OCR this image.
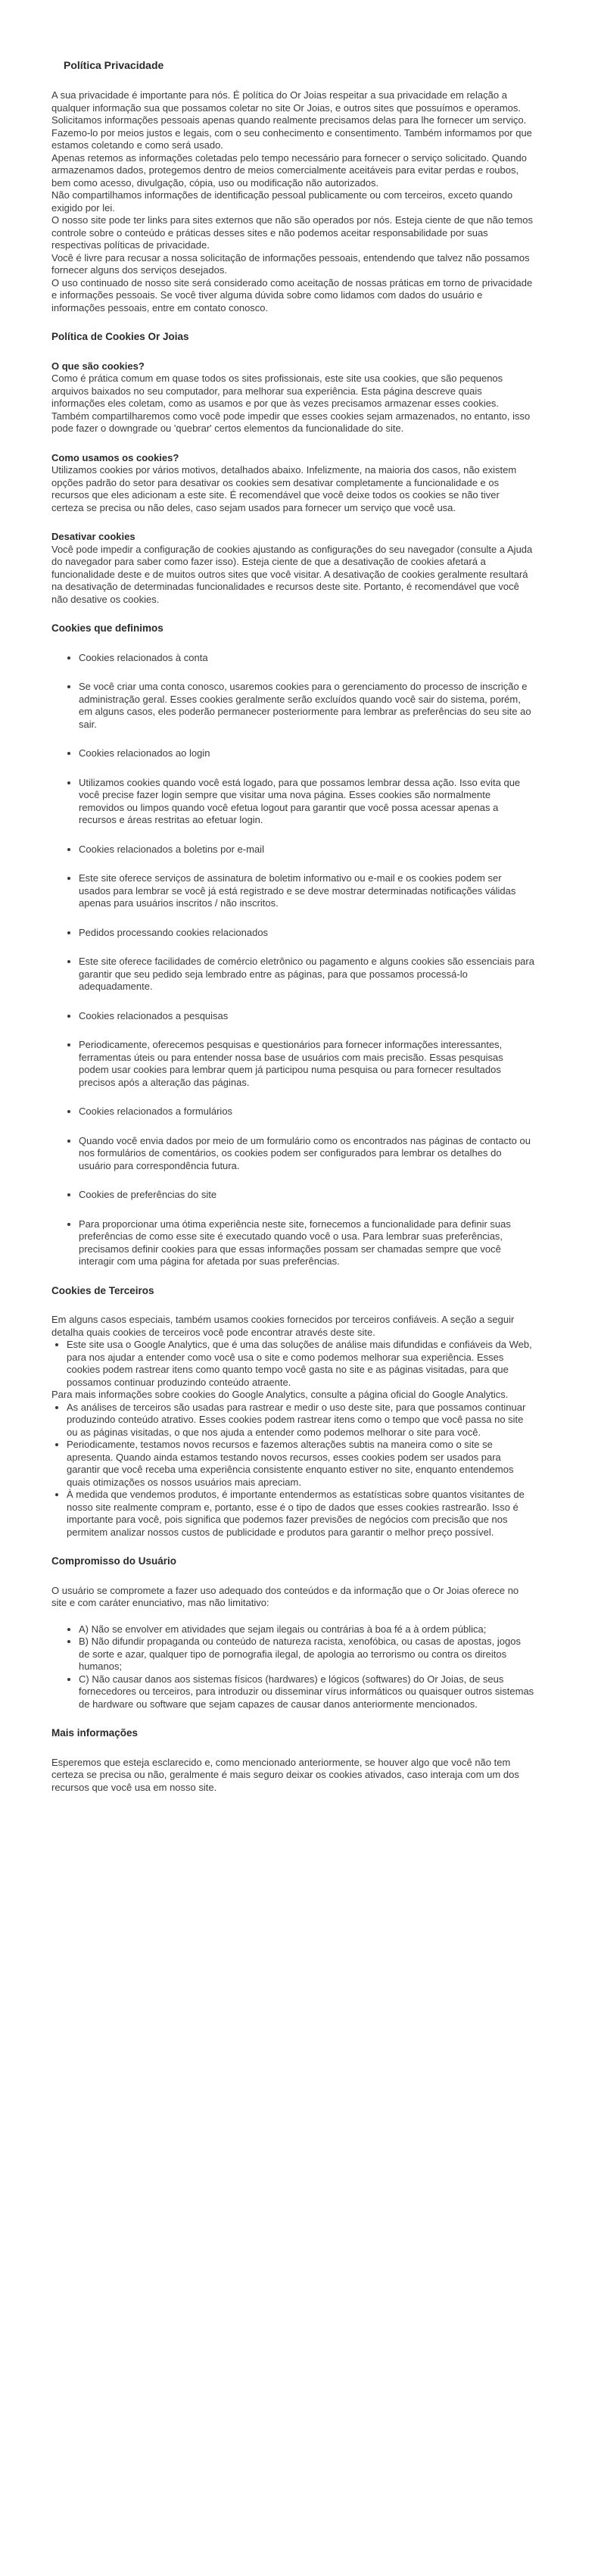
Política Privacidade

A sua privacidade é importante para nós. É política do Or Joias respeitar a sua privacidade em relação a qualquer informação sua que possamos coletar no site Or Joias, e outros sites que possuímos e operamos.

Solicitamos informações pessoais apenas quando realmente precisamos delas para lhe fornecer um serviço. Fazemo-lo por meios justos e legais, com o seu conhecimento e consentimento. Também informamos por que estamos coletando e como será usado.

Apenas retemos as informações coletadas pelo tempo necessário para fornecer o serviço solicitado. Quando armazenamos dados, protegemos dentro de meios comercialmente aceitáveis para evitar perdas e roubos, bem como acesso, divulgação, cópia, uso ou modificação não autorizados.

Não compartilhamos informações de identificação pessoal publicamente ou com terceiros, exceto quando exigido por lei.

O nosso site pode ter links para sites externos que não são operados por nós. Esteja ciente de que não temos controle sobre o conteúdo e práticas desses sites e não podemos aceitar responsabilidade por suas respectivas políticas de privacidade.

Você é livre para recusar a nossa solicitação de informações pessoais, entendendo que talvez não possamos fornecer alguns dos serviços desejados.

O uso continuado de nosso site será considerado como aceitação de nossas práticas em torno de privacidade e informações pessoais. Se você tiver alguma dúvida sobre como lidamos com dados do usuário e informações pessoais, entre em contato conosco.

Política de Cookies Or Joias
O que são cookies?

Como é prática comum em quase todos os sites profissionais, este site usa cookies, que são pequenos arquivos baixados no seu computador, para melhorar sua experiência. Esta página descreve quais informações eles coletam, como as usamos e por que às vezes precisamos armazenar esses cookies. Também compartilharemos como você pode impedir que esses cookies sejam armazenados, no entanto, isso pode fazer o downgrade ou 'quebrar' certos elementos da funcionalidade do site.

Como usamos os cookies?

Utilizamos cookies por vários motivos, detalhados abaixo. Infelizmente, na maioria dos casos, não existem opções padrão do setor para desativar os cookies sem desativar completamente a funcionalidade e os recursos que eles adicionam a este site. É recomendável que você deixe todos os cookies se não tiver certeza se precisa ou não deles, caso sejam usados para fornecer um serviço que você usa.

Desativar cookies

Você pode impedir a configuração de cookies ajustando as configurações do seu navegador (consulte a Ajuda do navegador para saber como fazer isso). Esteja ciente de que a desativação de cookies afetará a funcionalidade deste e de muitos outros sites que você visitar. A desativação de cookies geralmente resultará na desativação de determinadas funcionalidades e recursos deste site. Portanto, é recomendável que você não desative os cookies.

Cookies que definimos
• Cookies relacionados à conta
• Se você criar uma conta conosco, usaremos cookies para o gerenciamento do processo de inscrição e administração geral. Esses cookies geralmente serão excluídos quando você sair do sistema, porém, em alguns casos, eles poderão permanecer posteriormente para lembrar as preferências do seu site ao sair.
• Cookies relacionados ao login
• Utilizamos cookies quando você está logado, para que possamos lembrar dessa ação. Isso evita que você precise fazer login sempre que visitar uma nova página. Esses cookies são normalmente removidos ou limpos quando você efetua logout para garantir que você possa acessar apenas a recursos e áreas restritas ao efetuar login.
• Cookies relacionados a boletins por e-mail
• Este site oferece serviços de assinatura de boletim informativo ou e-mail e os cookies podem ser usados para lembrar se você já está registrado e se deve mostrar determinadas notificações válidas apenas para usuários inscritos / não inscritos.
• Pedidos processando cookies relacionados
• Este site oferece facilidades de comércio eletrônico ou pagamento e alguns cookies são essenciais para garantir que seu pedido seja lembrado entre as páginas, para que possamos processá-lo adequadamente.
• Cookies relacionados a pesquisas
• Periodicamente, oferecemos pesquisas e questionários para fornecer informações interessantes, ferramentas úteis ou para entender nossa base de usuários com mais precisão. Essas pesquisas podem usar cookies para lembrar quem já participou numa pesquisa ou para fornecer resultados precisos após a alteração das páginas.
• Cookies relacionados a formulários
• Quando você envia dados por meio de um formulário como os encontrados nas páginas de contacto ou nos formulários de comentários, os cookies podem ser configurados para lembrar os detalhes do usuário para correspondência futura.
• Cookies de preferências do site
• Para proporcionar uma ótima experiência neste site, fornecemos a funcionalidade para definir suas preferências de como esse site é executado quando você o usa. Para lembrar suas preferências, precisamos definir cookies para que essas informações possam ser chamadas sempre que você interagir com uma página for afetada por suas preferências.
Cookies de Terceiros

Em alguns casos especiais, também usamos cookies fornecidos por terceiros confiáveis. A seção a seguir detalha quais cookies de terceiros você pode encontrar através deste site.

• Este site usa o Google Analytics, que é uma das soluções de análise mais difundidas e confiáveis da Web, para nos ajudar a entender como você usa o site e como podemos melhorar sua experiência. Esses cookies podem rastrear itens como quanto tempo você gasta no site e as páginas visitadas, para que possamos continuar produzindo conteúdo atraente.

Para mais informações sobre cookies do Google Analytics, consulte a página oficial do Google Analytics.

• As análises de terceiros são usadas para rastrear e medir o uso deste site, para que possamos continuar produzindo conteúdo atrativo. Esses cookies podem rastrear itens como o tempo que você passa no site ou as páginas visitadas, o que nos ajuda a entender como podemos melhorar o site para você.
• Periodicamente, testamos novos recursos e fazemos alterações subtis na maneira como o site se apresenta. Quando ainda estamos testando novos recursos, esses cookies podem ser usados para garantir que você receba uma experiência consistente enquanto estiver no site, enquanto entendemos quais otimizações os nossos usuários mais apreciam.
• À medida que vendemos produtos, é importante entendermos as estatísticas sobre quantos visitantes de nosso site realmente compram e, portanto, esse é o tipo de dados que esses cookies rastrearão. Isso é importante para você, pois significa que podemos fazer previsões de negócios com precisão que nos permitem analizar nossos custos de publicidade e produtos para garantir o melhor preço possível.
Compromisso do Usuário

O usuário se compromete a fazer uso adequado dos conteúdos e da informação que o Or Joias oferece no site e com caráter enunciativo, mas não limitativo:

• A) Não se envolver em atividades que sejam ilegais ou contrárias à boa fé a à ordem pública;
• B) Não difundir propaganda ou conteúdo de natureza racista, xenofóbica, ou casas de apostas, jogos de sorte e azar, qualquer tipo de pornografia ilegal, de apologia ao terrorismo ou contra os direitos humanos;
• C) Não causar danos aos sistemas físicos (hardwares) e lógicos (softwares) do Or Joias, de seus fornecedores ou terceiros, para introduzir ou disseminar vírus informáticos ou quaisquer outros sistemas de hardware ou software que sejam capazes de causar danos anteriormente mencionados.
Mais informações

Esperemos que esteja esclarecido e, como mencionado anteriormente, se houver algo que você não tem certeza se precisa ou não, geralmente é mais seguro deixar os cookies ativados, caso interaja com um dos recursos que você usa em nosso site.
